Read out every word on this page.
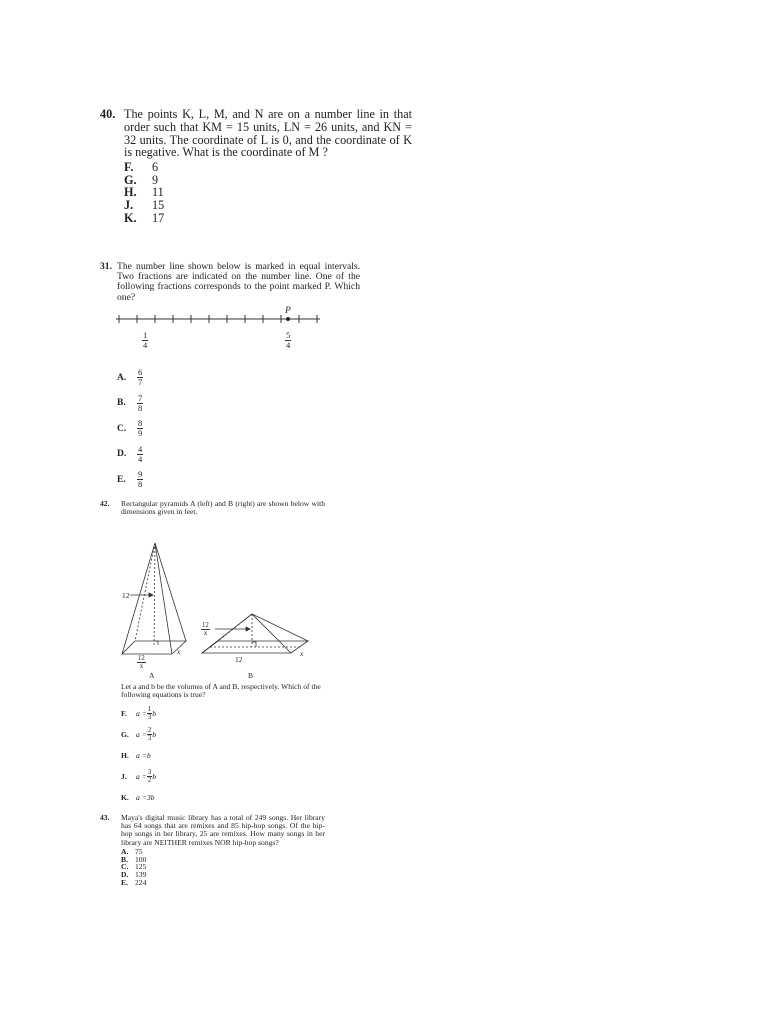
40. The points K, L, M, and N are on a number line in that order such that KM = 15 units, LN = 26 units, and KN = 32 units. The coordinate of L is 0, and the coordinate of K is negative. What is the coordinate of M ?
F. 6
G. 9
H. 11
J. 15
K. 17
31. The number line shown below is marked in equal intervals. Two fractions are indicated on the number line. One of the following fractions corresponds to the point marked P. Which one?
P
$\frac{1}{4}$	$\frac{5}{4}$
A.	$\frac{6}{7}$
B.	$\frac{7}{8}$
C.	$\frac{8}{9}$
D.	$\frac{4}{4}$
E.	$\frac{9}{8}$
42.	Rectangular pyramids A (left) and B (right) are shown below with dimensions given in feet.
12
$\frac{12}{x}$
x
$\frac{12}{x}$
12
x
A	B
Let a and b be the volumes of A and B, respectively. Which of the following equations is true?
F.	$a = \frac{1}{3}$ b
G. $a = \frac{2}{3}$ b
H. a = b
J.	$a = \frac{3}{2}$ b
K. a = 3b
43.	Maya's digital music library has a total of 249 songs. Her library has 64 songs that are remixes and 85 hip-hop songs. Of the hip-hop songs in her library, 25 are remixes. How many songs in her library are NEITHER remixes NOR hip-hop songs?
A. 75
B. 100
C. 125
D. 139
E. 224
